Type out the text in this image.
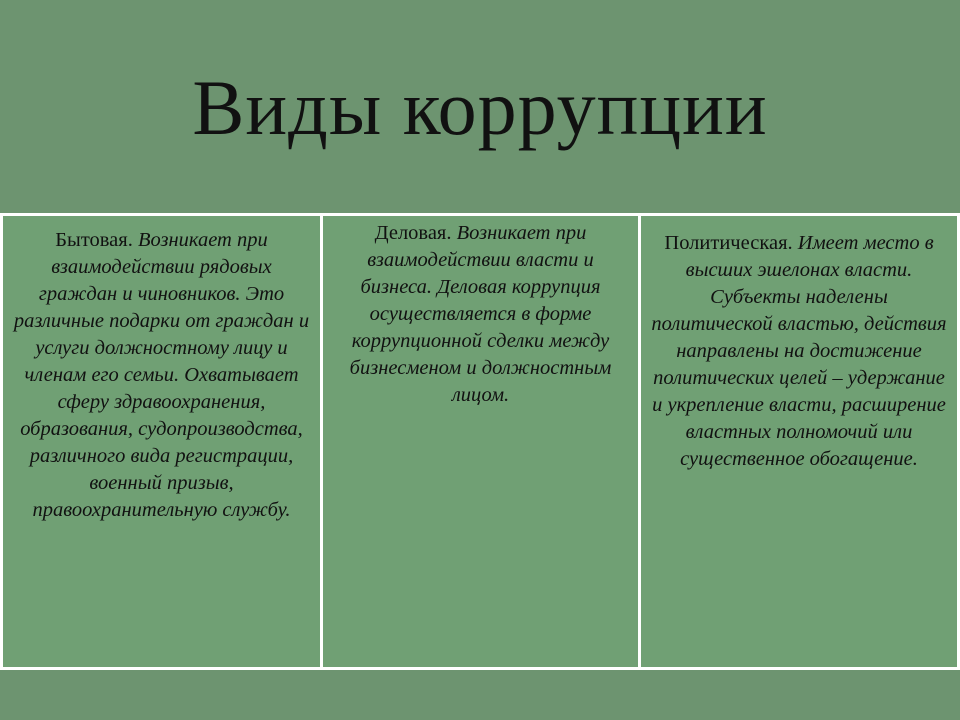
Виды коррупции
Бытовая. Возникает при взаимодействии рядовых граждан и чиновников. Это различные подарки от граждан и услуги должностному лицу и членам его семьи. Охватывает сферу здравоохранения, образования, судопроизводства, различного вида регистрации, военный призыв, правоохранительную службу.
Деловая. Возникает при взаимодействии власти и бизнеса. Деловая коррупция осуществляется в форме коррупционной сделки между бизнесменом и должностным лицом.
Политическая. Имеет место в высших эшелонах власти. Субъекты наделены политической властью, действия направлены на достижение политических целей – удержание и укрепление власти, расширение властных полномочий или существенное обогащение.
